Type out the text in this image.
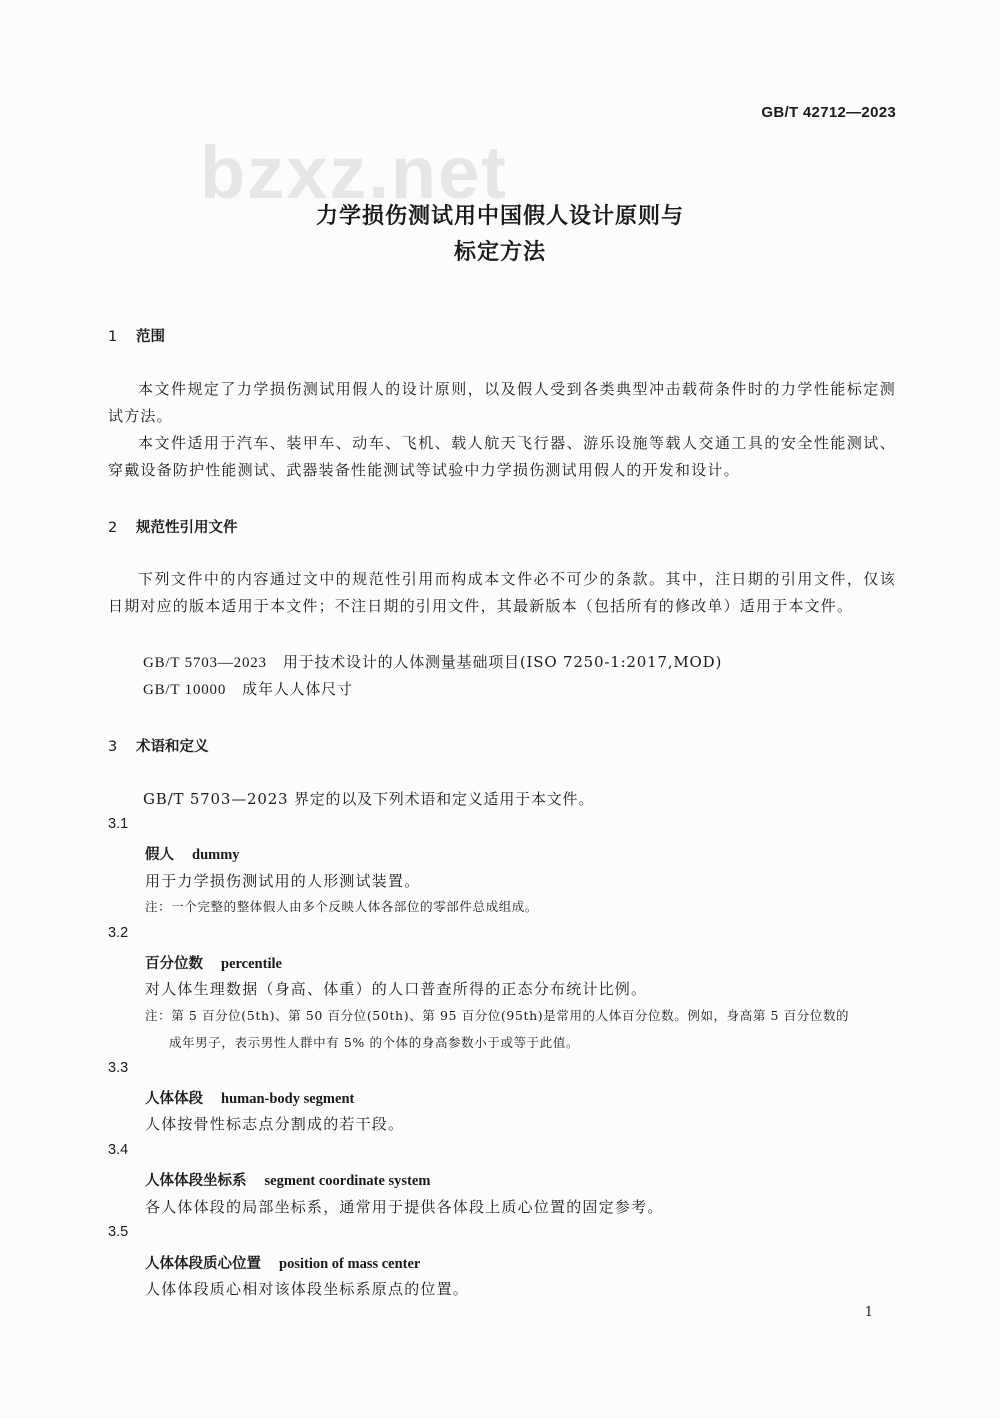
bzxz.net
GB/T 42712—2023
力学损伤测试用中国假人设计原则与
标定方法
1 范围
本文件规定了力学损伤测试用假人的设计原则，以及假人受到各类典型冲击载荷条件时的力学性能标定测试方法。
本文件适用于汽车、装甲车、动车、飞机、载人航天飞行器、游乐设施等载人交通工具的安全性能测试、穿戴设备防护性能测试、武器装备性能测试等试验中力学损伤测试用假人的开发和设计。
2 规范性引用文件
下列文件中的内容通过文中的规范性引用而构成本文件必不可少的条款。其中，注日期的引用文件，仅该日期对应的版本适用于本文件；不注日期的引用文件，其最新版本（包括所有的修改单）适用于本文件。
GB/T 5703—2023 用于技术设计的人体测量基础项目(ISO 7250-1:2017,MOD)
GB/T 10000 成年人人体尺寸
3 术语和定义
GB/T 5703—2023 界定的以及下列术语和定义适用于本文件。
3.1
假人 dummy
用于力学损伤测试用的人形测试装置。
注：一个完整的整体假人由多个反映人体各部位的零部件总成组成。
3.2
百分位数 percentile
对人体生理数据（身高、体重）的人口普查所得的正态分布统计比例。
注：第 5 百分位(5th)、第 50 百分位(50th)、第 95 百分位(95th)是常用的人体百分位数。例如，身高第 5 百分位数的
成年男子，表示男性人群中有 5% 的个体的身高参数小于或等于此值。
3.3
人体体段 human-body segment
人体按骨性标志点分割成的若干段。
3.4
人体体段坐标系 segment coordinate system
各人体体段的局部坐标系，通常用于提供各体段上质心位置的固定参考。
3.5
人体体段质心位置 position of mass center
人体体段质心相对该体段坐标系原点的位置。
1
